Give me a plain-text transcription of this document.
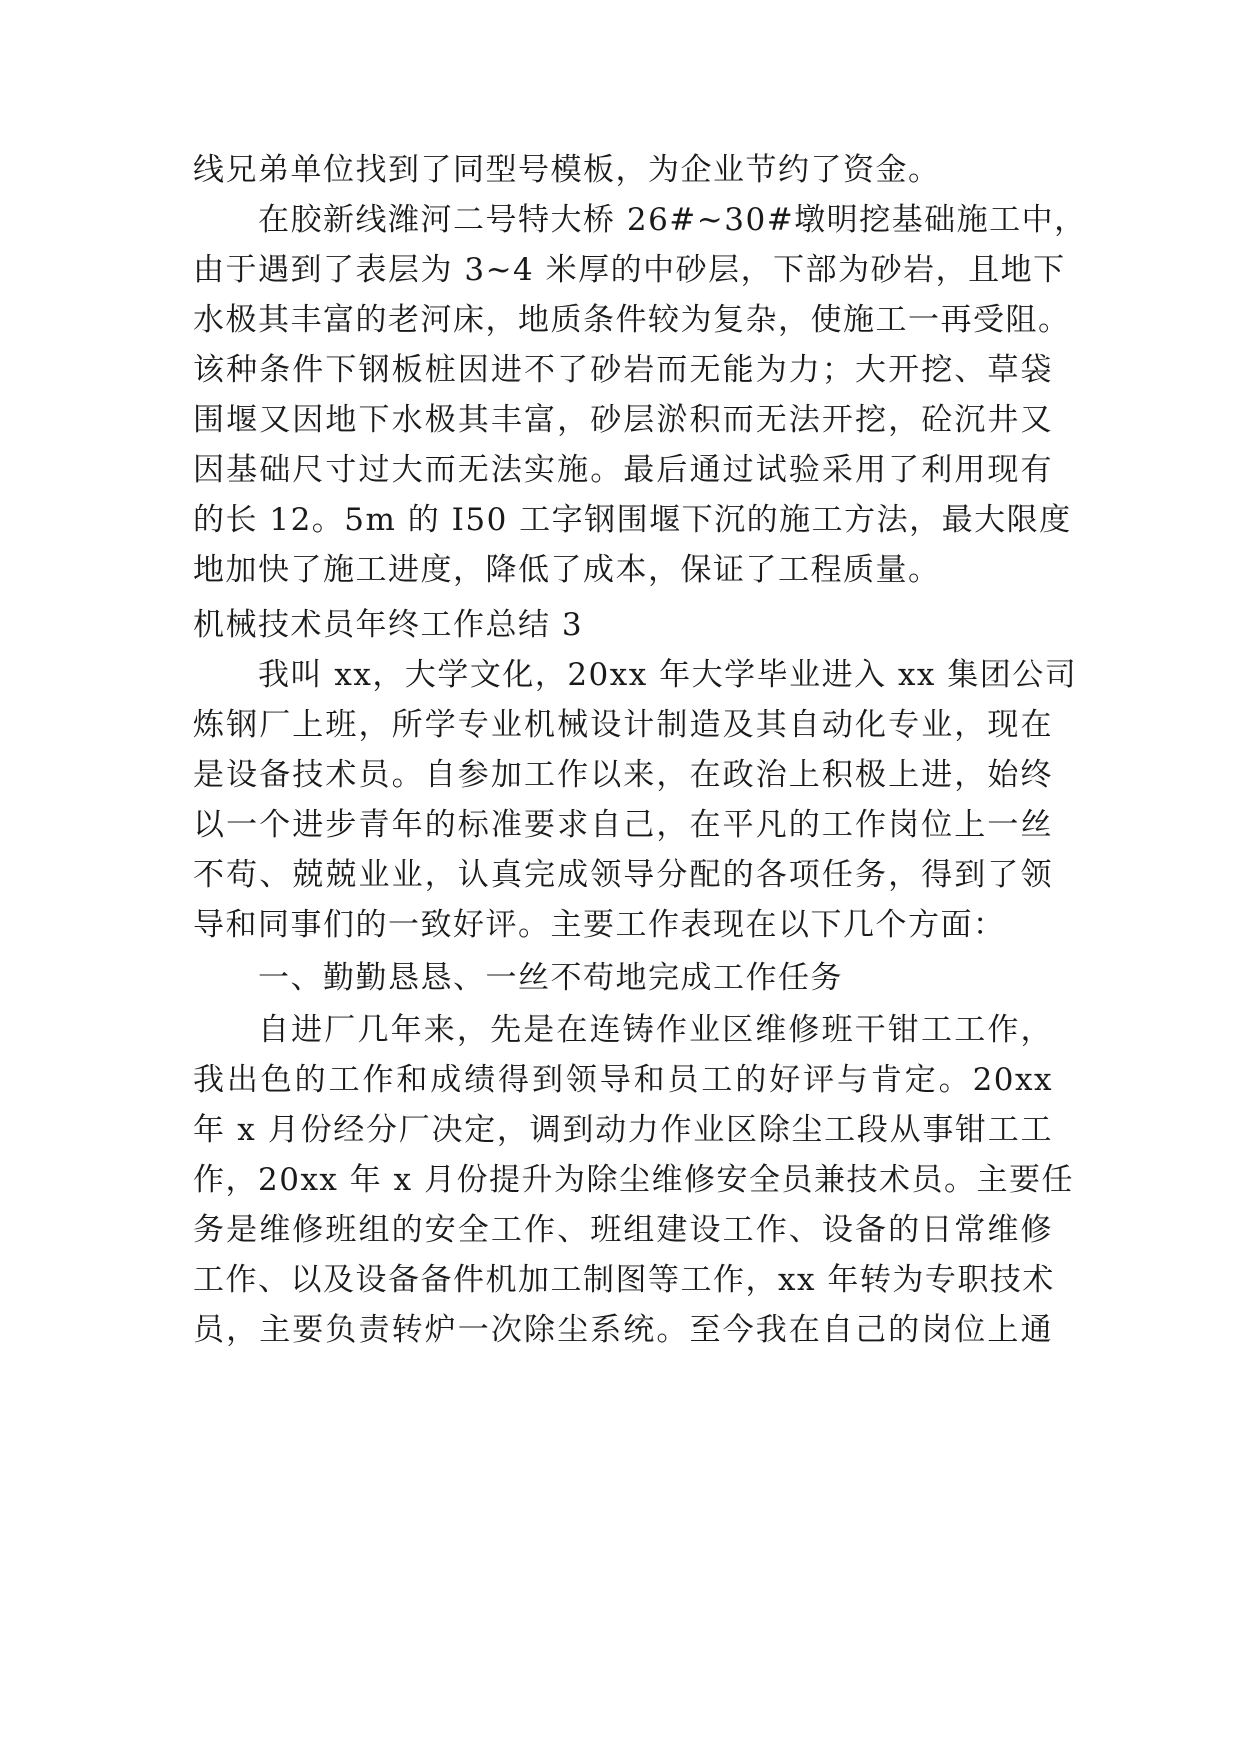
线兄弟单位找到了同型号模板，为企业节约了资金。
在胶新线潍河二号特大桥 26#~30#墩明挖基础施工中，
由于遇到了表层为 3~4 米厚的中砂层，下部为砂岩，且地下
水极其丰富的老河床，地质条件较为复杂，使施工一再受阻。
该种条件下钢板桩因进不了砂岩而无能为力；大开挖、草袋
围堰又因地下水极其丰富，砂层淤积而无法开挖，砼沉井又
因基础尺寸过大而无法实施。最后通过试验采用了利用现有
的长 12。5m 的 I50 工字钢围堰下沉的施工方法，最大限度
地加快了施工进度，降低了成本，保证了工程质量。
机械技术员年终工作总结 3
我叫 xx，大学文化，20xx 年大学毕业进入 xx 集团公司
炼钢厂上班，所学专业机械设计制造及其自动化专业，现在
是设备技术员。自参加工作以来，在政治上积极上进，始终
以一个进步青年的标准要求自己，在平凡的工作岗位上一丝
不苟、兢兢业业，认真完成领导分配的各项任务，得到了领
导和同事们的一致好评。主要工作表现在以下几个方面：
一、勤勤恳恳、一丝不苟地完成工作任务
自进厂几年来，先是在连铸作业区维修班干钳工工作，
我出色的工作和成绩得到领导和员工的好评与肯定。20xx
年 x 月份经分厂决定，调到动力作业区除尘工段从事钳工工
作，20xx 年 x 月份提升为除尘维修安全员兼技术员。主要任
务是维修班组的安全工作、班组建设工作、设备的日常维修
工作、以及设备备件机加工制图等工作，xx 年转为专职技术
员，主要负责转炉一次除尘系统。至今我在自己的岗位上通
